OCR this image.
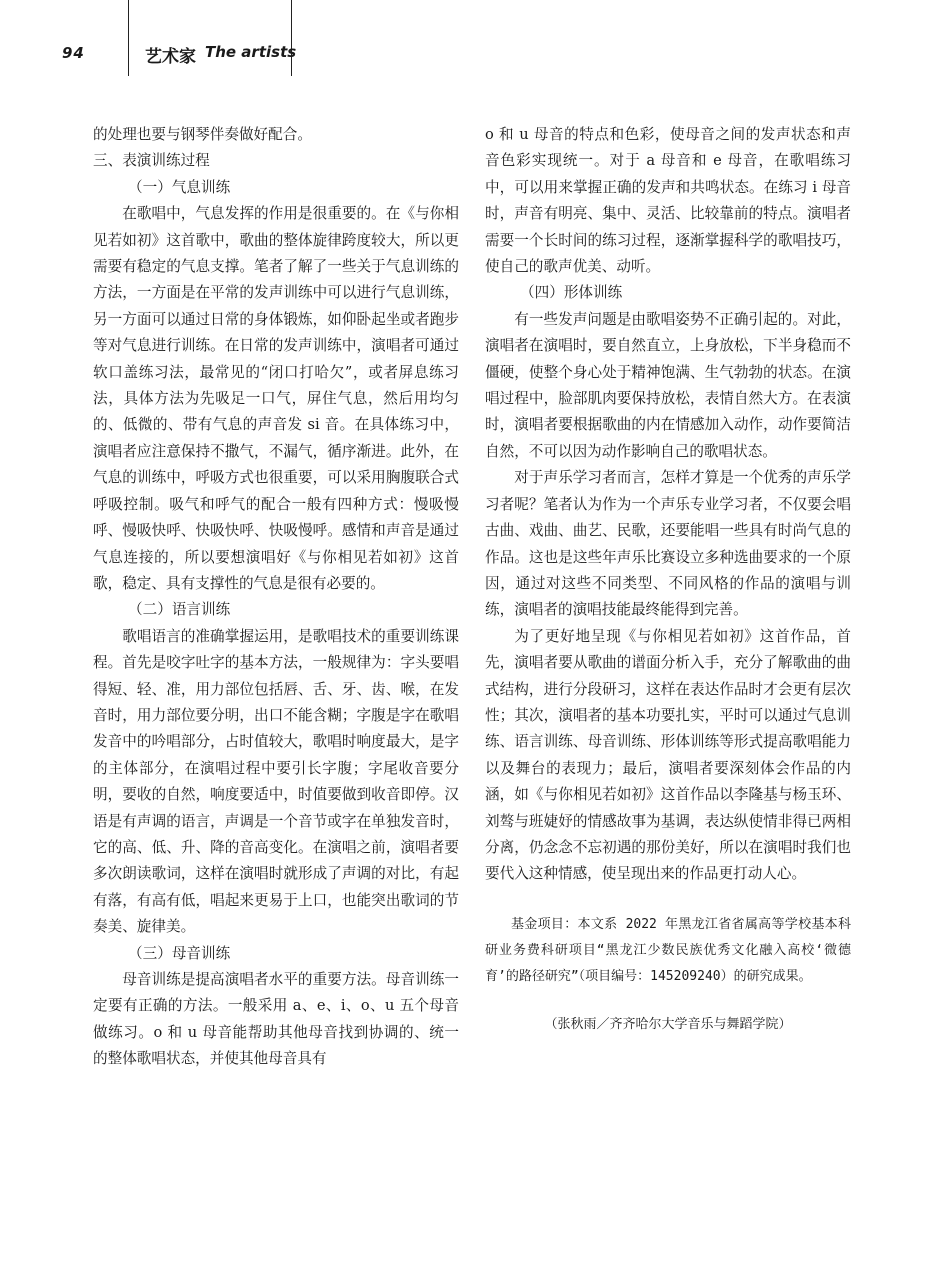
94	艺术家 The artists

的处理也要与钢琴伴奏做好配合。

三、表演训练过程

（一）气息训练

在歌唱中，气息发挥的作用是很重要的。在《与你相见若如初》这首歌中，歌曲的整体旋律跨度较大，所以更需要有稳定的气息支撑。笔者了解了一些关于气息训练的方法，一方面是在平常的发声训练中可以进行气息训练，另一方面可以通过日常的身体锻炼，如仰卧起坐或者跑步等对气息进行训练。在日常的发声训练中，演唱者可通过软口盖练习法，最常见的“闭口打哈欠”，或者屏息练习法，具体方法为先吸足一口气，屏住气息，然后用均匀的、低微的、带有气息的声音发 si 音。在具体练习中，演唱者应注意保持不撒气，不漏气，循序渐进。此外，在气息的训练中，呼吸方式也很重要，可以采用胸腹联合式呼吸控制。吸气和呼气的配合一般有四种方式：慢吸慢呼、慢吸快呼、快吸快呼、快吸慢呼。感情和声音是通过气息连接的，所以要想演唱好《与你相见若如初》这首歌，稳定、具有支撑性的气息是很有必要的。

（二）语言训练

歌唱语言的准确掌握运用，是歌唱技术的重要训练课程。首先是咬字吐字的基本方法，一般规律为：字头要唱得短、轻、准，用力部位包括唇、舌、牙、齿、喉，在发音时，用力部位要分明，出口不能含糊；字腹是字在歌唱发音中的吟唱部分，占时值较大，歌唱时响度最大，是字的主体部分，在演唱过程中要引长字腹；字尾收音要分明，要收的自然，响度要适中，时值要做到收音即停。汉语是有声调的语言，声调是一个音节或字在单独发音时，它的高、低、升、降的音高变化。在演唱之前，演唱者要多次朗读歌词，这样在演唱时就形成了声调的对比，有起有落，有高有低，唱起来更易于上口，也能突出歌词的节奏美、旋律美。

（三）母音训练

母音训练是提高演唱者水平的重要方法。母音训练一定要有正确的方法。一般采用 a、e、i、o、u 五个母音做练习。o 和 u 母音能帮助其他母音找到协调的、统一的整体歌唱状态，并使其他母音具有

o 和 u 母音的特点和色彩，使母音之间的发声状态和声音色彩实现统一。对于 a 母音和 e 母音，在歌唱练习中，可以用来掌握正确的发声和共鸣状态。在练习 i 母音时，声音有明亮、集中、灵活、比较靠前的特点。演唱者需要一个长时间的练习过程，逐渐掌握科学的歌唱技巧，使自己的歌声优美、动听。

（四）形体训练

有一些发声问题是由歌唱姿势不正确引起的。对此，演唱者在演唱时，要自然直立，上身放松，下半身稳而不僵硬，使整个身心处于精神饱满、生气勃勃的状态。在演唱过程中，脸部肌肉要保持放松，表情自然大方。在表演时，演唱者要根据歌曲的内在情感加入动作，动作要简洁自然，不可以因为动作影响自己的歌唱状态。

对于声乐学习者而言，怎样才算是一个优秀的声乐学习者呢？笔者认为作为一个声乐专业学习者，不仅要会唱古曲、戏曲、曲艺、民歌，还要能唱一些具有时尚气息的作品。这也是这些年声乐比赛设立多种选曲要求的一个原因，通过对这些不同类型、不同风格的作品的演唱与训练，演唱者的演唱技能最终能得到完善。

为了更好地呈现《与你相见若如初》这首作品，首先，演唱者要从歌曲的谱面分析入手，充分了解歌曲的曲式结构，进行分段研习，这样在表达作品时才会更有层次性；其次，演唱者的基本功要扎实，平时可以通过气息训练、语言训练、母音训练、形体训练等形式提高歌唱能力以及舞台的表现力；最后，演唱者要深刻体会作品的内涵，如《与你相见若如初》这首作品以李隆基与杨玉环、刘骜与班婕妤的情感故事为基调，表达纵使情非得已两相分离，仍念念不忘初遇的那份美好，所以在演唱时我们也要代入这种情感，使呈现出来的作品更打动人心。

基金项目：本文系 2022 年黑龙江省省属高等学校基本科研业务费科研项目“黑龙江少数民族优秀文化融入高校‘微德育’的路径研究”（项目编号：145209240）的研究成果。

（张秋雨／齐齐哈尔大学音乐与舞蹈学院）
